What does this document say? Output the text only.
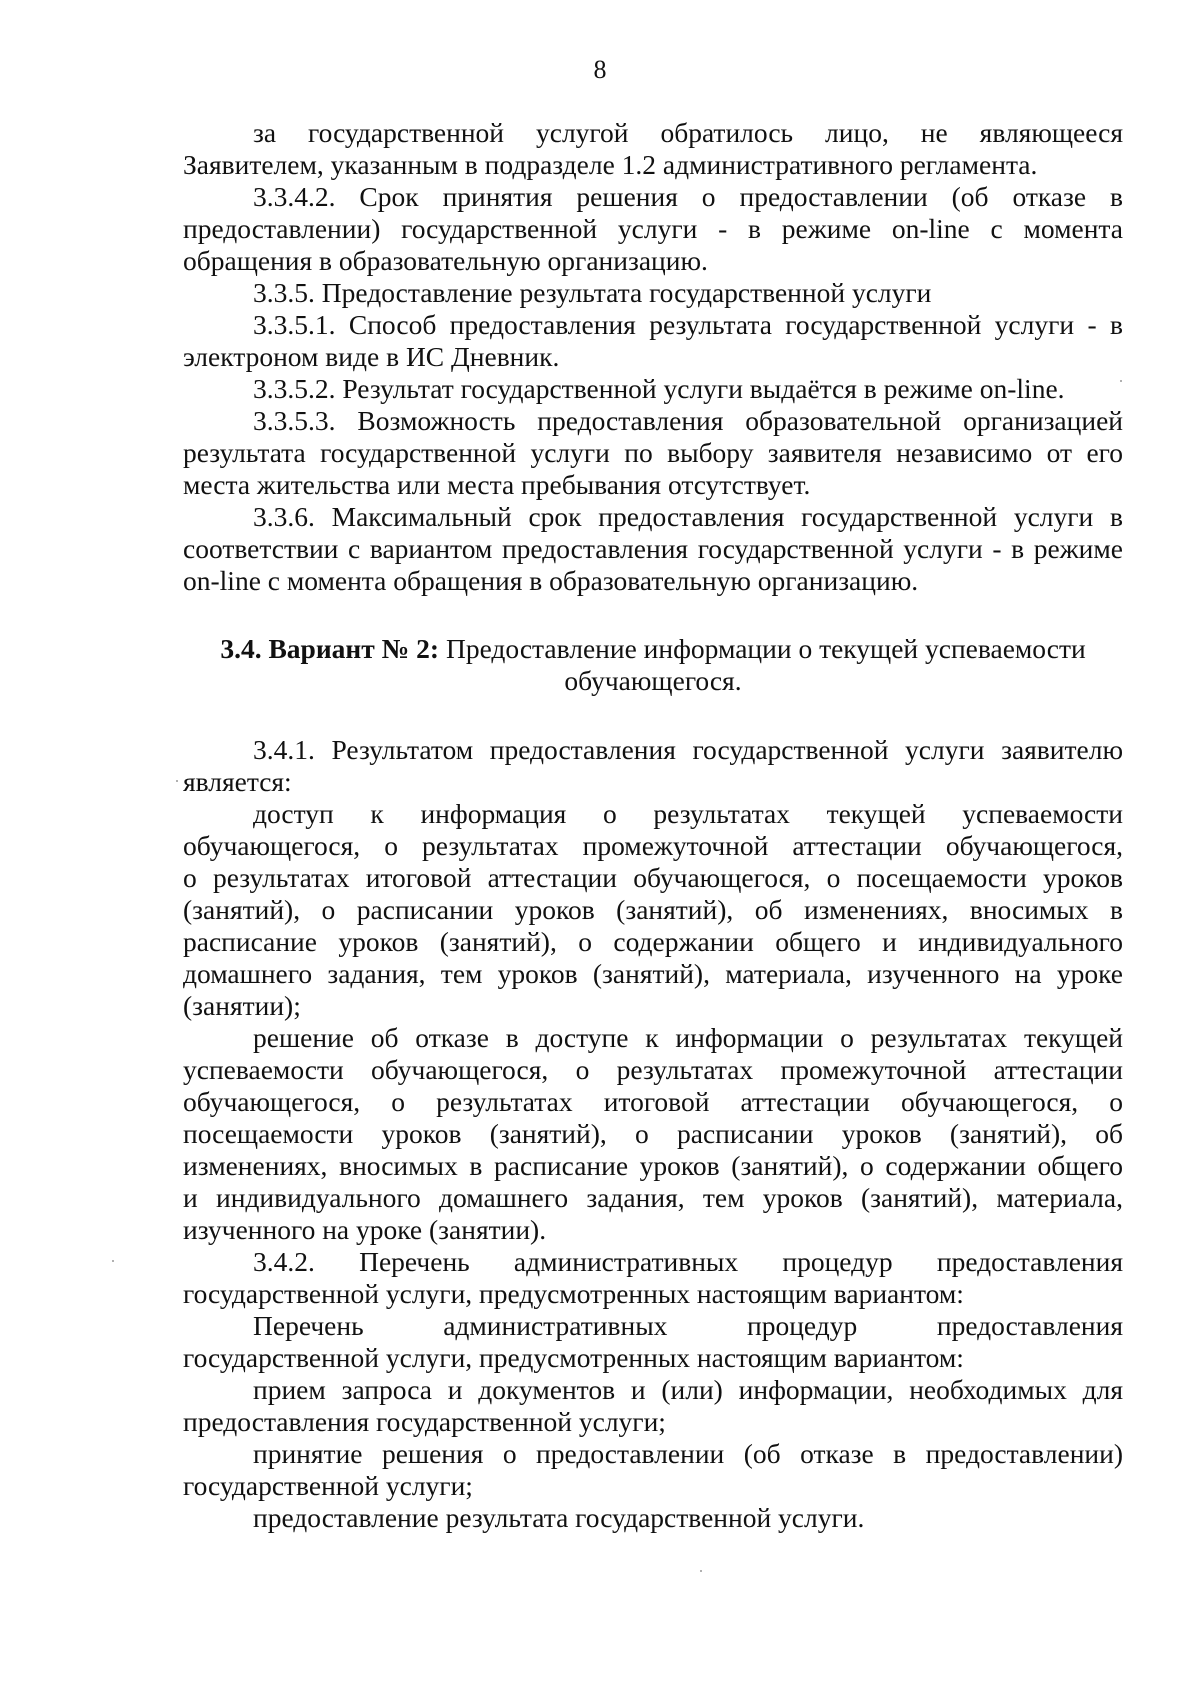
8
за государственной услугой обратилось лицо, не являющееся
Заявителем, указанным в подразделе 1.2 административного регламента.
3.3.4.2. Срок принятия решения о предоставлении (об отказе в
предоставлении) государственной услуги - в режиме on-line с момента
обращения в образовательную организацию.
3.3.5. Предоставление результата государственной услуги
3.3.5.1. Способ предоставления результата государственной услуги - в
электроном виде в ИС Дневник.
3.3.5.2. Результат государственной услуги выдаётся в режиме on-line.
3.3.5.3. Возможность предоставления образовательной организацией
результата государственной услуги по выбору заявителя независимо от его
места жительства или места пребывания отсутствует.
3.3.6. Максимальный срок предоставления государственной услуги в
соответствии с вариантом предоставления государственной услуги - в режиме
on-line с момента обращения в образовательную организацию.
3.4. Вариант № 2: Предоставление информации о текущей успеваемости
обучающегося.
3.4.1. Результатом предоставления государственной услуги заявителю
является:
доступ к информация о результатах текущей успеваемости
обучающегося, о результатах промежуточной аттестации обучающегося,
о результатах итоговой аттестации обучающегося, о посещаемости уроков
(занятий), о расписании уроков (занятий), об изменениях, вносимых в
расписание уроков (занятий), о содержании общего и индивидуального
домашнего задания, тем уроков (занятий), материала, изученного на уроке
(занятии);
решение об отказе в доступе к информации о результатах текущей
успеваемости обучающегося, о результатах промежуточной аттестации
обучающегося, о результатах итоговой аттестации обучающегося, о
посещаемости уроков (занятий), о расписании уроков (занятий), об
изменениях, вносимых в расписание уроков (занятий), о содержании общего
и индивидуального домашнего задания, тем уроков (занятий), материала,
изученного на уроке (занятии).
3.4.2. Перечень административных процедур предоставления
государственной услуги, предусмотренных настоящим вариантом:
Перечень административных процедур предоставления
государственной услуги, предусмотренных настоящим вариантом:
прием запроса и документов и (или) информации, необходимых для
предоставления государственной услуги;
принятие решения о предоставлении (об отказе в предоставлении)
государственной услуги;
предоставление результата государственной услуги.
